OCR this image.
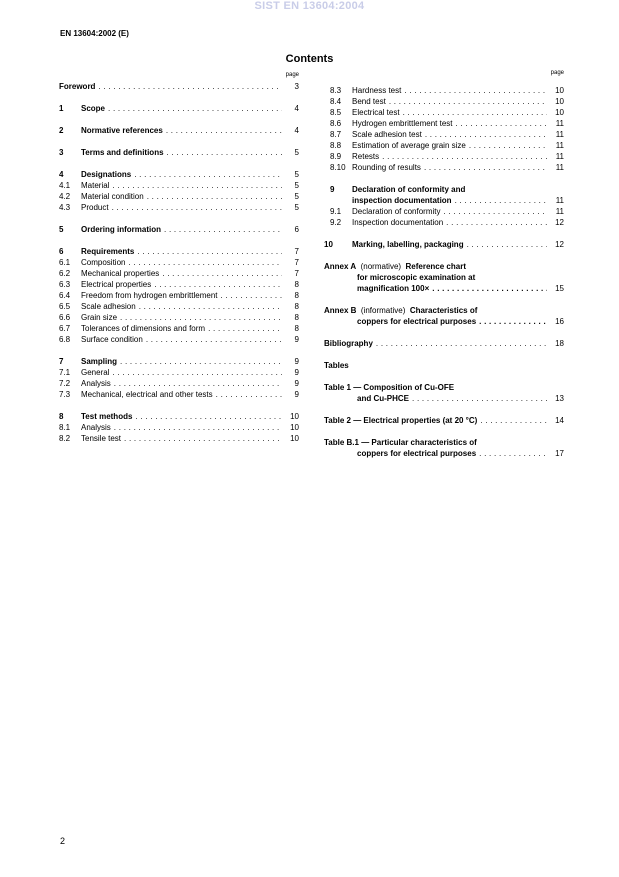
SIST EN 13604:2004
EN 13604:2002 (E)
Contents
page
Foreword . . .	3
1	Scope . . .	4
2	Normative references . . .	4
3	Terms and definitions . . .	5
4	Designations . . .	5
4.1	Material . . .	5
4.2	Material condition . . .	5
4.3	Product . . .	5
5	Ordering information . . .	6
6	Requirements . . .	7
6.1	Composition . . .	7
6.2	Mechanical properties . . .	7
6.3	Electrical properties . . .	8
6.4	Freedom from hydrogen embrittlement . . .	8
6.5	Scale adhesion . . .	8
6.6	Grain size . . .	8
6.7	Tolerances of dimensions and form . . .	8
6.8	Surface condition . . .	9
7	Sampling . . .	9
7.1	General . . .	9
7.2	Analysis . . .	9
7.3	Mechanical, electrical and other tests . . .	9
8	Test methods . . .	10
8.1	Analysis . . .	10
8.2	Tensile test . . .	10
page
8.3	Hardness test . . .	10
8.4	Bend test . . .	10
8.5	Electrical test . . .	10
8.6	Hydrogen embrittlement test . . .	11
8.7	Scale adhesion test . . .	11
8.8	Estimation of average grain size . . .	11
8.9	Retests . . .	11
8.10 Rounding of results . . .	11
9	Declaration of conformity and
inspection documentation . . .	11
9.1	Declaration of conformity . . .	11
9.2	Inspection documentation . . .	12
10	Marking, labelling, packaging . . .	12
Annex A
(normative)
Reference chart
for microscopic examination at
magnification 100× . . .	15
Annex B
(informative)
Characteristics of
coppers for electrical purposes . . .	16
Bibliography . . .	18
Tables
Table 1 — Composition of Cu-OFE
and Cu-PHCE . . .	13
Table 2 — Electrical properties (at 20 °C) . . .	14
Table B.1 — Particular characteristics of
coppers for electrical purposes . . .	17
2
